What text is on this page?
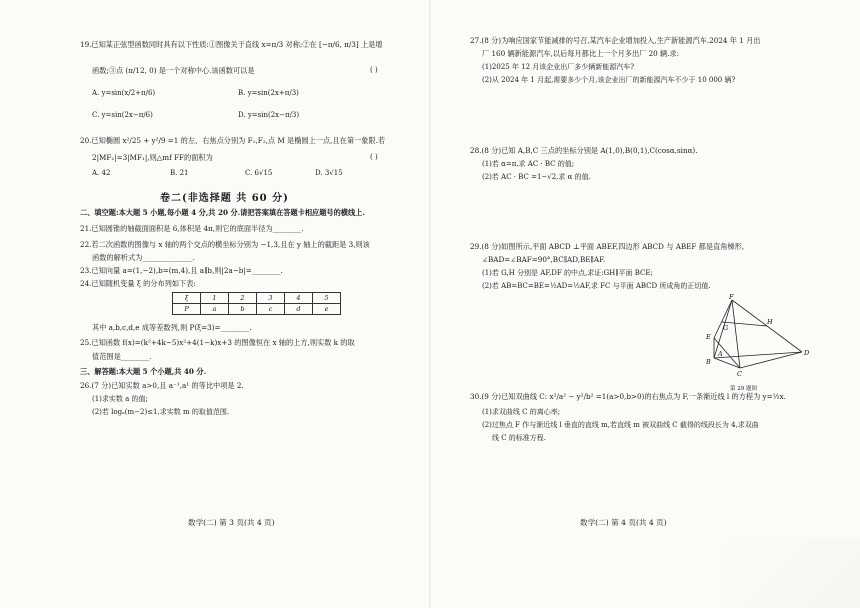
19.已知某正弦型函数同时具有以下性质:①图像关于直线 x=π/3 对称;②在 [−π/6, π/3] 上是增
函数;③点 (π/12, 0) 是一个对称中心.该函数可以是	( )
A. y=sin(x/2+π/6)	B. y=sin(2x+π/3)
C. y=sin(2x−π/6)	D. y=sin(2x−π/3)
20.已知椭圆 x²/25 + y²/9 =1 的左、右焦点分别为 F₁,F₂,点 M 是椭圆上一点,且在第一象限.若
2|MF₂|=3|MF₁|,则△mf FF的面积为	( )
A. 42	B. 21	C. 6√15	D. 3√15
卷二(非选择题 共 60 分)
二、填空题:本大题 5 小题,每小题 4 分,共 20 分.请把答案填在答题卡相应题号的横线上.
21.已知圆锥的轴截面面积是 6,体积是 4π,则它的底面半径为________.
22.若二次函数的图像与 x 轴的两个交点的横坐标分别为 −1,3,且在 y 轴上的截距是 3,则该
函数的解析式为______________.
23.已知向量 a=(1,−2),b=(m,4),且 a∥b,则|2a−b|=________.
24.已知随机变量 ξ 的分布列如下表:
ξ	1	2	3	4	5
P	a	b	c	d	e
其中 a,b,c,d,e 成等差数列,则 P(ξ=3)=________.
25.已知函数 f(x)=(k²+4k−5)x²+4(1−k)x+3 的图像恒在 x 轴的上方,则实数 k 的取
值范围是________.
三、解答题:本大题 5 个小题,共 40 分.
26.(7 分)已知实数 a>0,且 a⁻¹,a¹ 的等比中项是 2.
(1)求实数 a 的值;
(2)若 logₐ(m−2)≤1,求实数 m 的取值范围.
数学(二) 第 3 页(共 4 页)
27.(8 分)为响应国家节能减排的号召,某汽车企业增加投入,生产新能源汽车.2024 年 1 月出
厂 160 辆新能源汽车,以后每月都比上一个月多出厂 20 辆.求:
(1)2025 年 12 月该企业出厂多少辆新能源汽车?
(2)从 2024 年 1 月起,需要多少个月,该企业出厂的新能源汽车不少于 10 000 辆?
28.(8 分)已知 A,B,C 三点的坐标分别是 A(1,0),B(0,1),C(cosα,sinα).
(1)若 α=π,求 AC · BC 的值;
(2)若 AC · BC =1−√2,求 α 的值.
29.(8 分)如图所示,平面 ABCD ⊥平面 ABEF,四边形 ABCD 与 ABEF 都是直角梯形,
∠BAD=∠BAF=90°,BC∥AD,BE∥AF.
(1)若 G,H 分别是 AF,DF 的中点,求证:GH∥平面 BCE;
(2)若 AB=BC=BE=½AD=½AF,求 FC 与平面 ABCD 所成角的正切值.
F
H
G
E
A
B
C
D
第 29 题图
30.(9 分)已知双曲线 C: x²/a² − y²/b² =1(a>0,b>0)的右焦点为 F,一条渐近线 l 的方程为 y=½x.
(1)求双曲线 C 的离心率;
(2)过焦点 F 作与渐近线 l 垂直的直线 m,若直线 m 被双曲线 C 截得的线段长为 4,求双曲
线 C 的标准方程.
数学(二) 第 4 页(共 4 页)
